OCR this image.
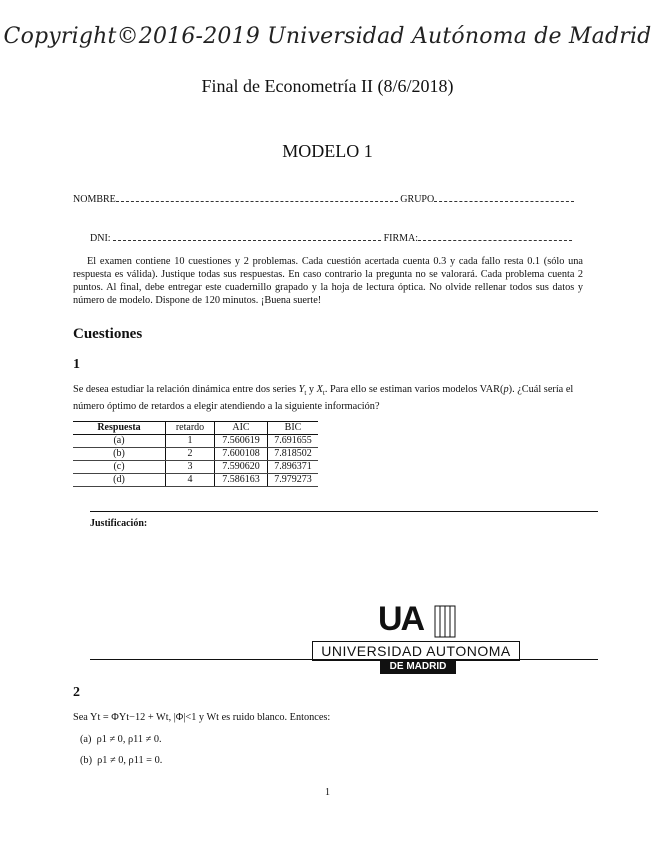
Copyright©2016-2019 Universidad Autónoma de Madrid
Final de Econometría II (8/6/2018)
MODELO 1
NOMBRE	GRUPO
DNI:	FIRMA:
El examen contiene 10 cuestiones y 2 problemas. Cada cuestión acertada cuenta 0.3 y cada fallo resta 0.1 (sólo una respuesta es válida). Justique todas sus respuestas. En caso contrario la pregunta no se valorará. Cada problema cuenta 2 puntos. Al final, debe entregar este cuadernillo grapado y la hoja de lectura óptica. No olvide rellenar todos sus datos y número de modelo. Dispone de 120 minutos. ¡Buena suerte!
Cuestiones
1
Se desea estudiar la relación dinámica entre dos series $Y_t$ y $X_t$. Para ello se estiman varios modelos VAR(p). ¿Cuál sería el número óptimo de retardos a elegir atendiendo a la siguiente información?
Respuesta	retardo	AIC	BIC
(a)	1	7.560619	7.691655
(b)	2	7.600108	7.818502
(c)	3	7.590620	7.896371
(d)	4	7.586163	7.979273
Justificación:
UA
UNIVERSIDAD AUTONOMA
DE MADRID
2
Sea Yt = ΦYt−12 + Wt, |Φ|<1 y Wt es ruido blanco. Entonces:
(a) ρ1 ≠ 0, ρ11 ≠ 0.
(b) ρ1 ≠ 0, ρ11 = 0.
1
